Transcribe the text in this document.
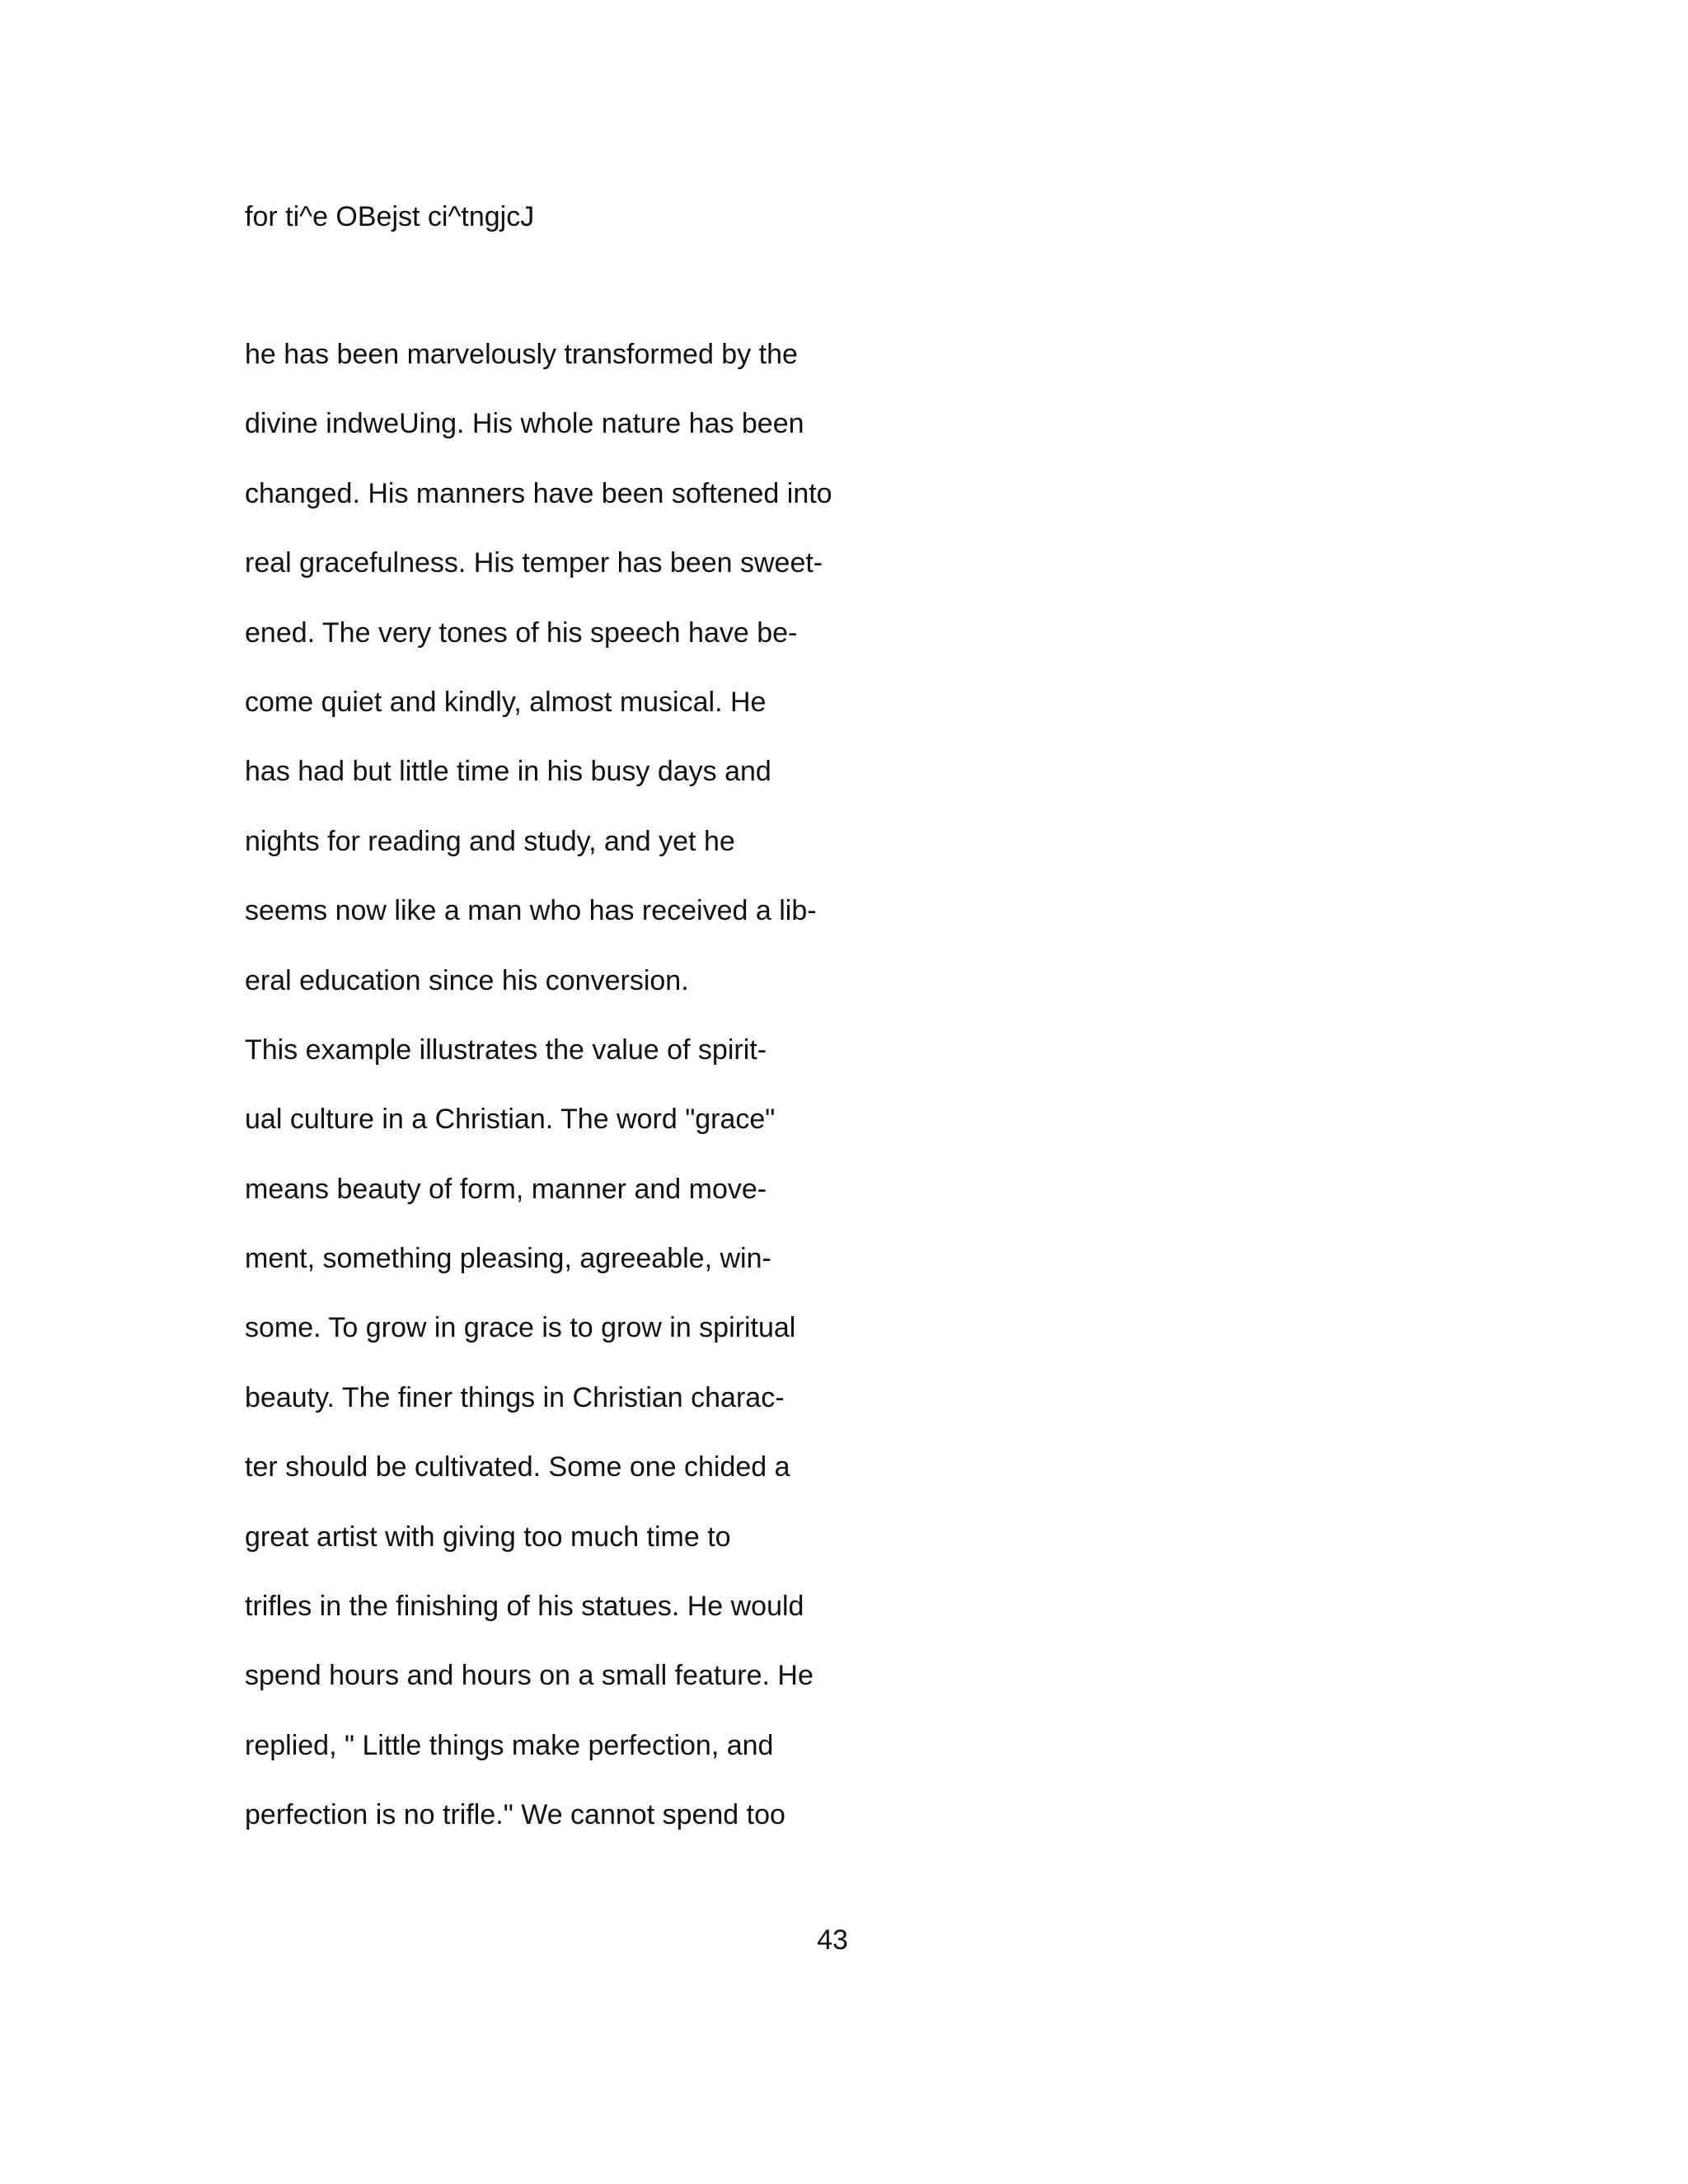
for ti^e OBejst ci^tngjcJ
he has been marvelously transformed by the
divine indweUing. His whole nature has been
changed. His manners have been softened into
real gracefulness. His temper has been sweet-
ened. The very tones of his speech have be-
come quiet and kindly, almost musical. He
has had but little time in his busy days and
nights for reading and study, and yet he
seems now like a man who has received a lib-
eral education since his conversion.
This example illustrates the value of spirit-
ual culture in a Christian. The word "grace"
means beauty of form, manner and move-
ment, something pleasing, agreeable, win-
some. To grow in grace is to grow in spiritual
beauty. The finer things in Christian charac-
ter should be cultivated. Some one chided a
great artist with giving too much time to
trifles in the finishing of his statues. He would
spend hours and hours on a small feature. He
replied, " Little things make perfection, and
perfection is no trifle." We cannot spend too
43
